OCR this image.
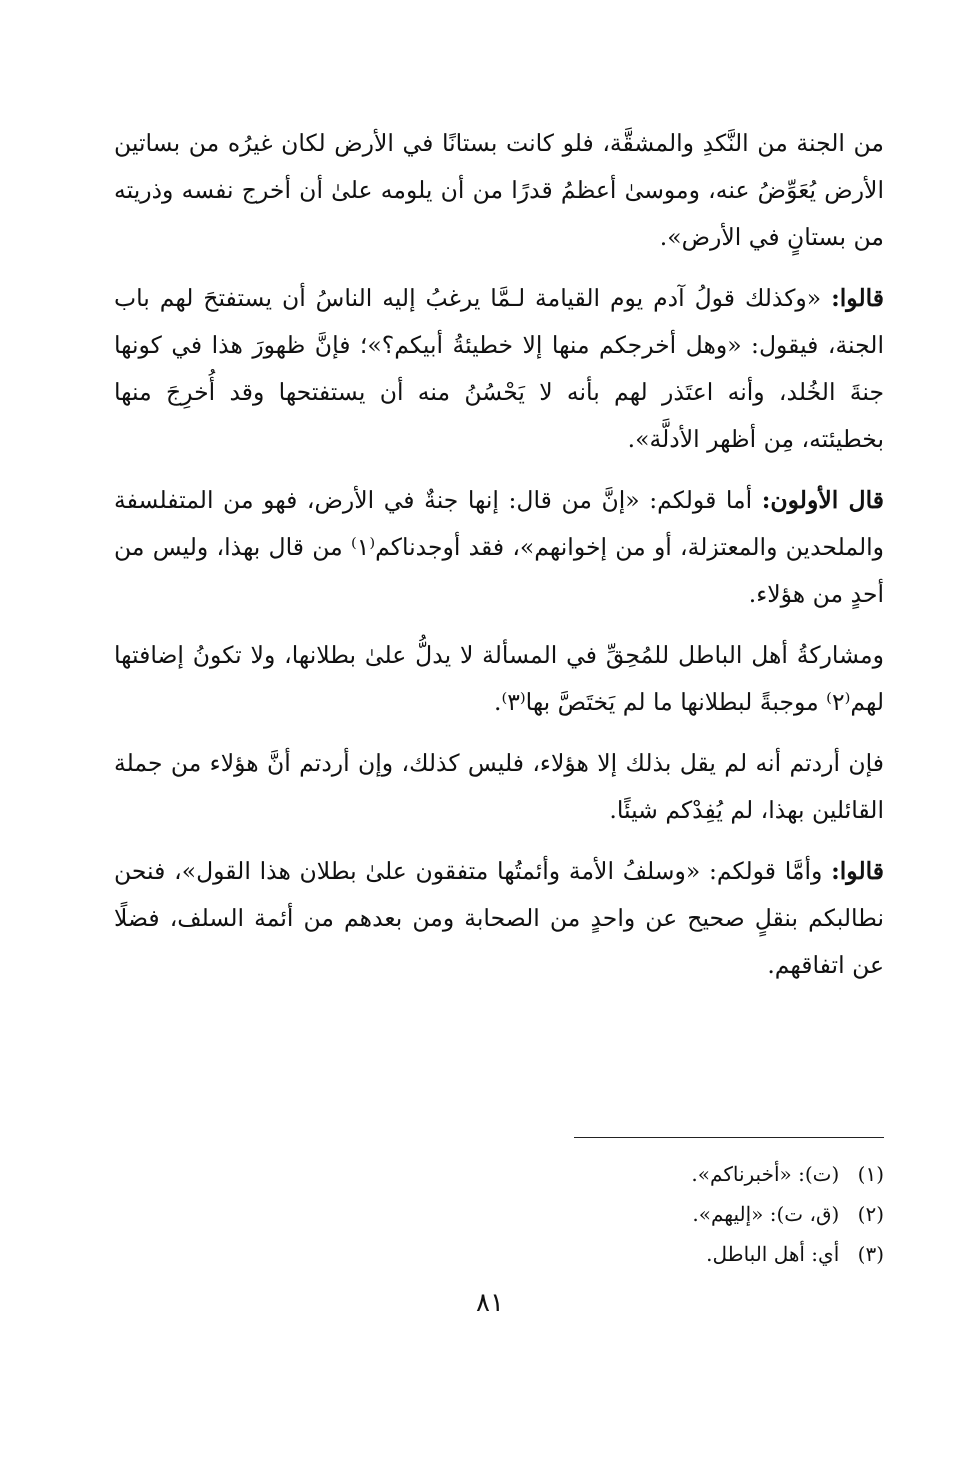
من الجنة من النَّكدِ والمشقَّة، فلو كانت بستانًا في الأرض لكان غيرُه من بساتين الأرض يُعَوِّضُ عنه، وموسىٰ أعظمُ قدرًا من أن يلومه علىٰ أن أخرج نفسه وذريته من بستانٍ في الأرض».

قالوا: «وكذلك قولُ آدم يوم القيامة لـمَّا يرغبُ إليه الناسُ أن يستفتحَ لهم باب الجنة، فيقول: «وهل أخرجكم منها إلا خطيئةُ أبيكم؟»؛ فإنَّ ظهورَ هذا في كونها جنةَ الخُلد، وأنه اعتَذر لهم بأنه لا يَحْسُنُ منه أن يستفتحها وقد أُخرِجَ منها بخطيئته، مِن أظهر الأدلَّة».

قال الأولون: أما قولكم: «إنَّ من قال: إنها جنةٌ في الأرض، فهو من المتفلسفة والملحدين والمعتزلة، أو من إخوانهم»، فقد أوجدناكم⁽١⁾ من قال بهذا، وليس من أحدٍ من هؤلاء.

ومشاركةُ أهل الباطل للمُحِقِّ في المسألة لا يدلُّ علىٰ بطلانها، ولا تكونُ إضافتها لهم⁽٢⁾ موجبةً لبطلانها ما لم يَختَصَّ بها⁽٣⁾.

فإن أردتم أنه لم يقل بذلك إلا هؤلاء، فليس كذلك، وإن أردتم أنَّ هؤلاء من جملة القائلين بهذا، لم يُفِدْكم شيئًا.

قالوا: وأمَّا قولكم: «وسلفُ الأمة وأئمتُها متفقون علىٰ بطلان هذا القول»، فنحن نطالبكم بنقلٍ صحيح عن واحدٍ من الصحابة ومن بعدهم من أئمة السلف، فضلًا عن اتفاقهم.

(١) (ت): «أخبرناكم».
(٢) (ق، ت): «إليهم».
(٣) أي: أهل الباطل.
٨١
